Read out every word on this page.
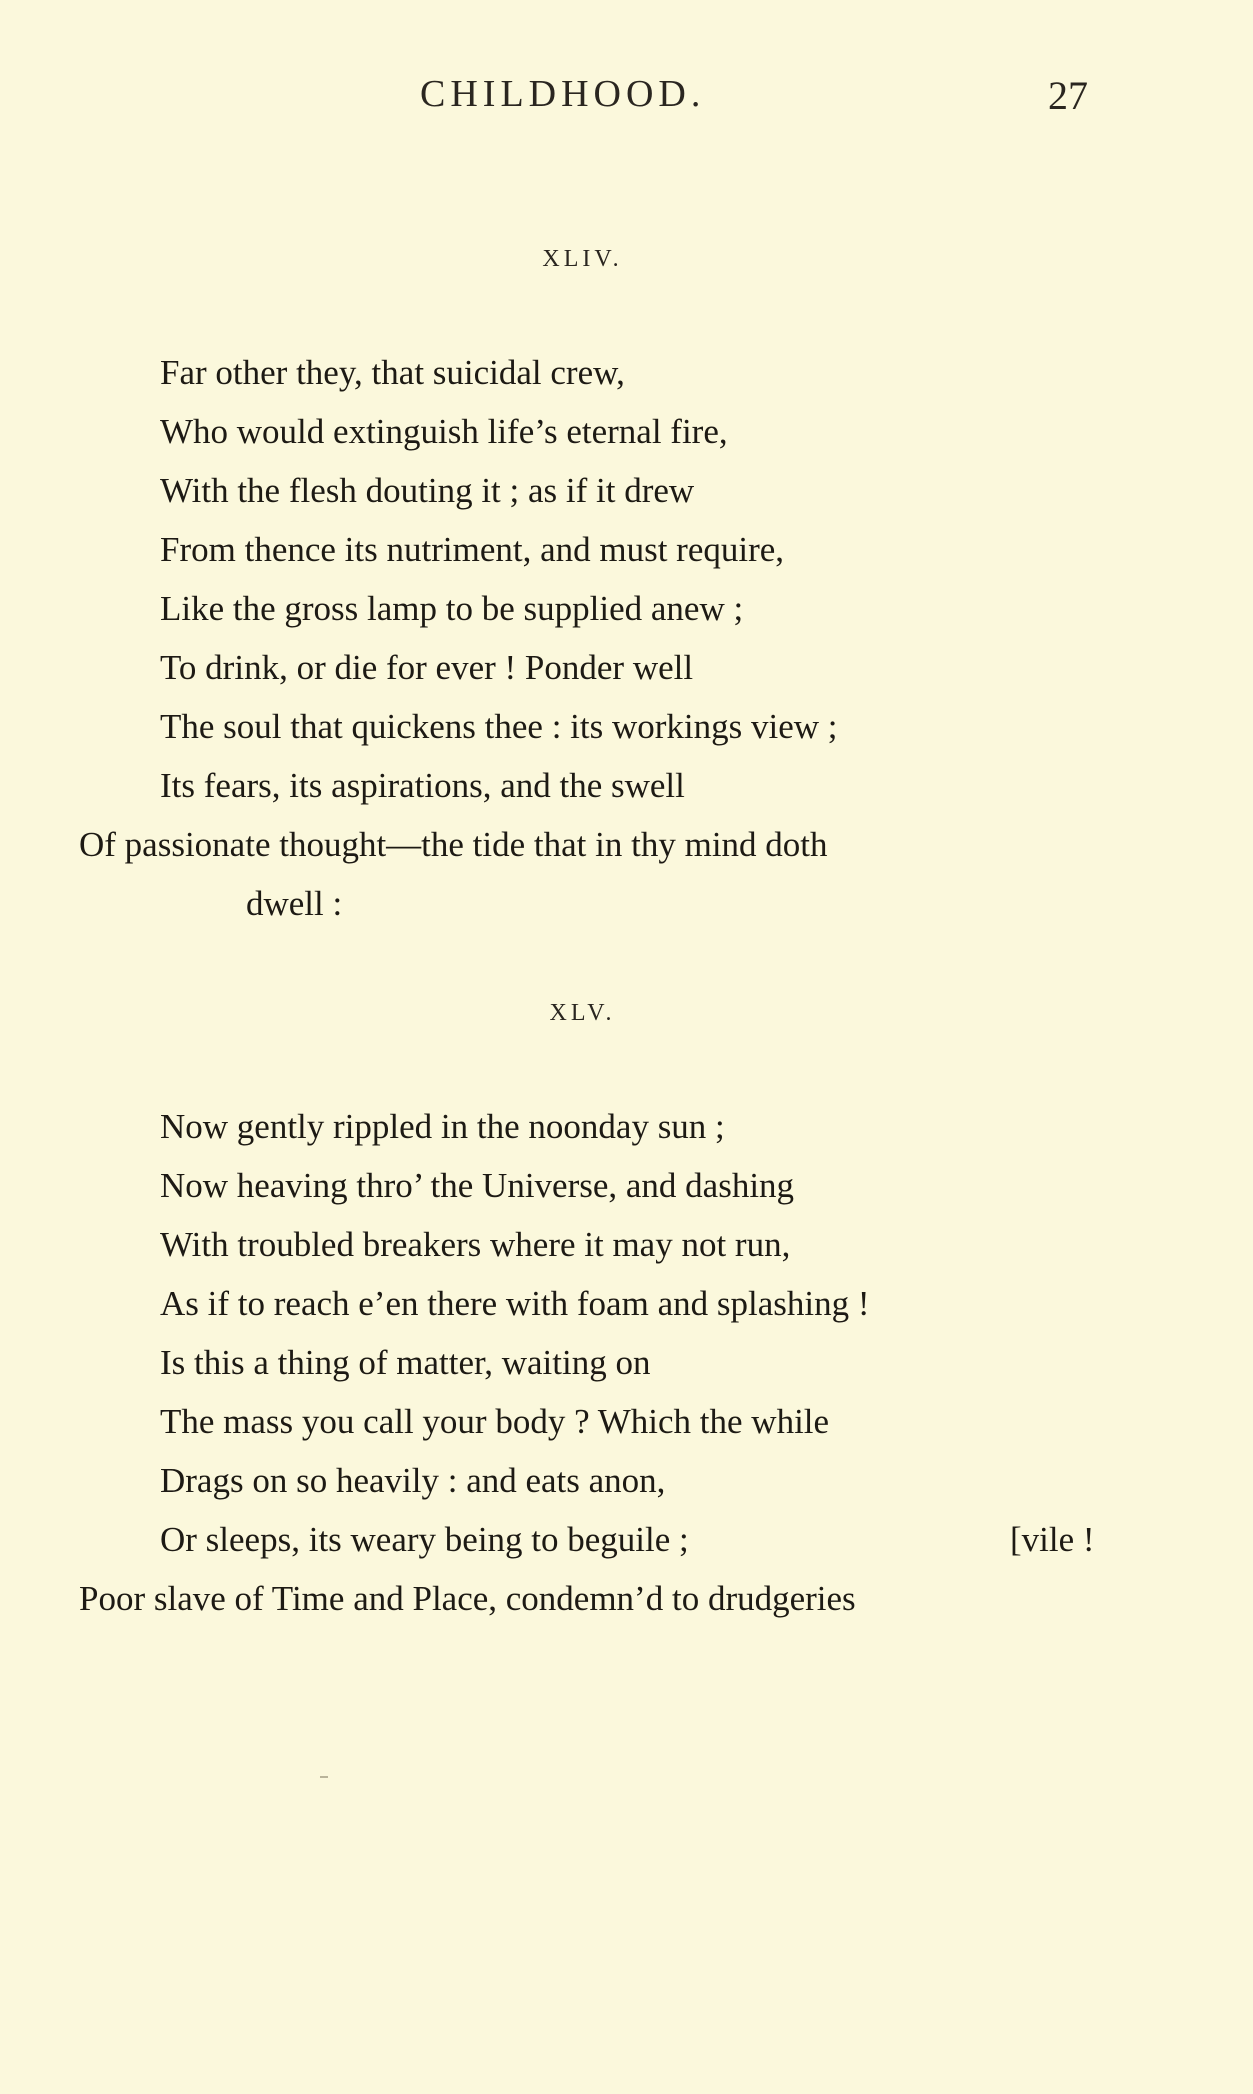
CHILDHOOD.	27
XLIV.
Far other they, that suicidal crew,
Who would extinguish life’s eternal fire,
With the flesh douting it ; as if it drew
From thence its nutriment, and must require,
Like the gross lamp to be supplied anew ;
To drink, or die for ever ! Ponder well
The soul that quickens thee : its workings view ;
Its fears, its aspirations, and the swell
Of passionate thought—the tide that in thy mind doth
dwell :
XLV.
Now gently rippled in the noonday sun ;
Now heaving thro’ the Universe, and dashing
With troubled breakers where it may not run,
As if to reach e’en there with foam and splashing !
Is this a thing of matter, waiting on
The mass you call your body ? Which the while
Drags on so heavily : and eats anon,
Or sleeps, its weary being to beguile ;	[vile !
Poor slave of Time and Place, condemn’d to drudgeries
